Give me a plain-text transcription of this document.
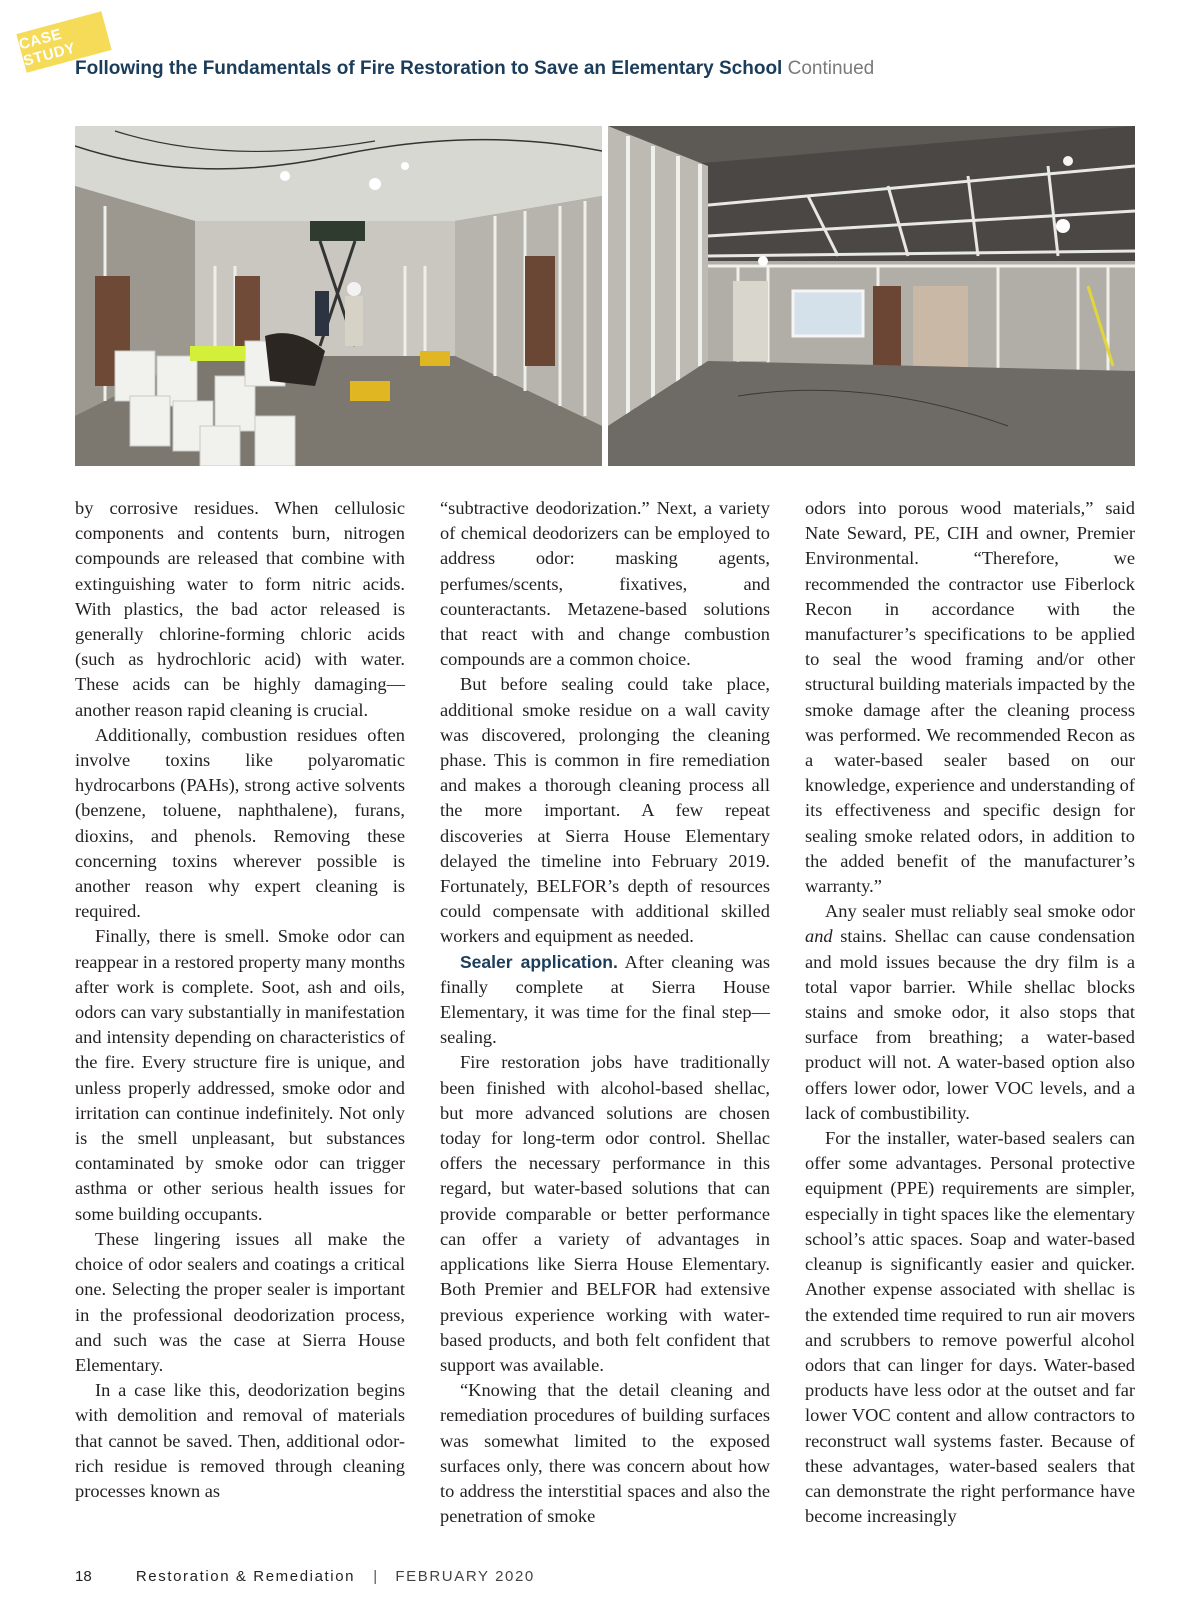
CASE STUDY
Following the Fundamentals of Fire Restoration to Save an Elementary School Continued

by corrosive residues. When cellulosic components and contents burn, nitrogen compounds are released that combine with extinguishing water to form nitric acids. With plastics, the bad actor released is generally chlorine-forming chloric acids (such as hydrochloric acid) with water. These acids can be highly damaging—another reason rapid cleaning is crucial.

Additionally, combustion residues often involve toxins like polyaromatic hydrocarbons (PAHs), strong active solvents (benzene, toluene, naphthalene), furans, dioxins, and phenols. Removing these concerning toxins wherever possible is another reason why expert cleaning is required.

Finally, there is smell. Smoke odor can reappear in a restored property many months after work is complete. Soot, ash and oils, odors can vary substantially in manifestation and intensity depending on characteristics of the fire. Every structure fire is unique, and unless properly addressed, smoke odor and irritation can continue indefinitely. Not only is the smell unpleasant, but substances contaminated by smoke odor can trigger asthma or other serious health issues for some building occupants.

These lingering issues all make the choice of odor sealers and coatings a critical one. Selecting the proper sealer is important in the professional deodorization process, and such was the case at Sierra House Elementary.

In a case like this, deodorization begins with demolition and removal of materials that cannot be saved. Then, additional odor-rich residue is removed through cleaning processes known as

“subtractive deodorization.” Next, a variety of chemical deodorizers can be employed to address odor: masking agents, perfumes/scents, fixatives, and counteractants. Metazene-based solutions that react with and change combustion compounds are a common choice.

But before sealing could take place, additional smoke residue on a wall cavity was discovered, prolonging the cleaning phase. This is common in fire remediation and makes a thorough cleaning process all the more important. A few repeat discoveries at Sierra House Elementary delayed the timeline into February 2019. Fortunately, BELFOR’s depth of resources could compensate with additional skilled workers and equipment as needed.

Sealer application. After cleaning was finally complete at Sierra House Elementary, it was time for the final step—sealing.

Fire restoration jobs have traditionally been finished with alcohol-based shellac, but more advanced solutions are chosen today for long-term odor control. Shellac offers the necessary performance in this regard, but water-based solutions that can provide comparable or better performance can offer a variety of advantages in applications like Sierra House Elementary. Both Premier and BELFOR had extensive previous experience working with water-based products, and both felt confident that support was available.

“Knowing that the detail cleaning and remediation procedures of building surfaces was somewhat limited to the exposed surfaces only, there was concern about how to address the interstitial spaces and also the penetration of smoke

odors into porous wood materials,” said Nate Seward, PE, CIH and owner, Premier Environmental. “Therefore, we recommended the contractor use Fiberlock Recon in accordance with the manufacturer’s specifications to be applied to seal the wood framing and/or other structural building materials impacted by the smoke damage after the cleaning process was performed. We recommended Recon as a water-based sealer based on our knowledge, experience and understanding of its effectiveness and specific design for sealing smoke related odors, in addition to the added benefit of the manufacturer’s warranty.”

Any sealer must reliably seal smoke odor and stains. Shellac can cause condensation and mold issues because the dry film is a total vapor barrier. While shellac blocks stains and smoke odor, it also stops that surface from breathing; a water-based product will not. A water-based option also offers lower odor, lower VOC levels, and a lack of combustibility.

For the installer, water-based sealers can offer some advantages. Personal protective equipment (PPE) requirements are simpler, especially in tight spaces like the elementary school’s attic spaces. Soap and water-based cleanup is significantly easier and quicker. Another expense associated with shellac is the extended time required to run air movers and scrubbers to remove powerful alcohol odors that can linger for days. Water-based products have less odor at the outset and far lower VOC content and allow contractors to reconstruct wall systems faster. Because of these advantages, water-based sealers that can demonstrate the right performance have become increasingly

18	Restoration & Remediation | FEBRUARY 2020
